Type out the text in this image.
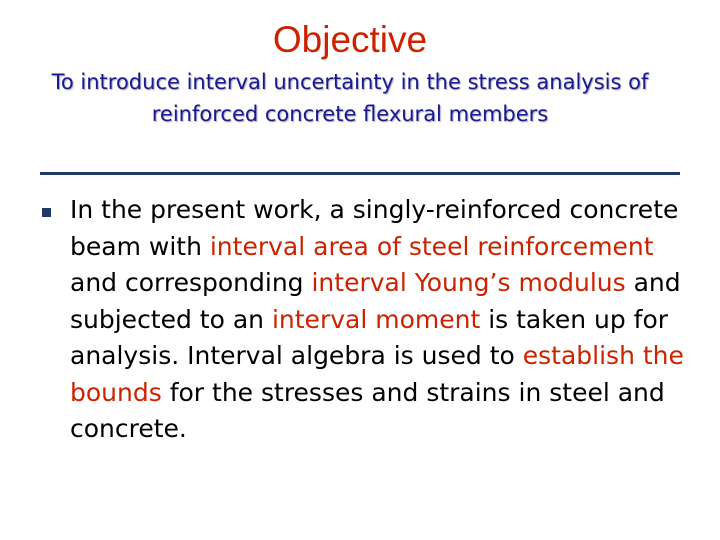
Objective
To introduce interval uncertainty in the stress analysis of reinforced concrete flexural members
In the present work, a singly-reinforced concrete beam with interval area of steel reinforcement and corresponding interval Young’s modulus and subjected to an interval moment is taken up for analysis. Interval algebra is used to establish the bounds for the stresses and strains in steel and concrete.
